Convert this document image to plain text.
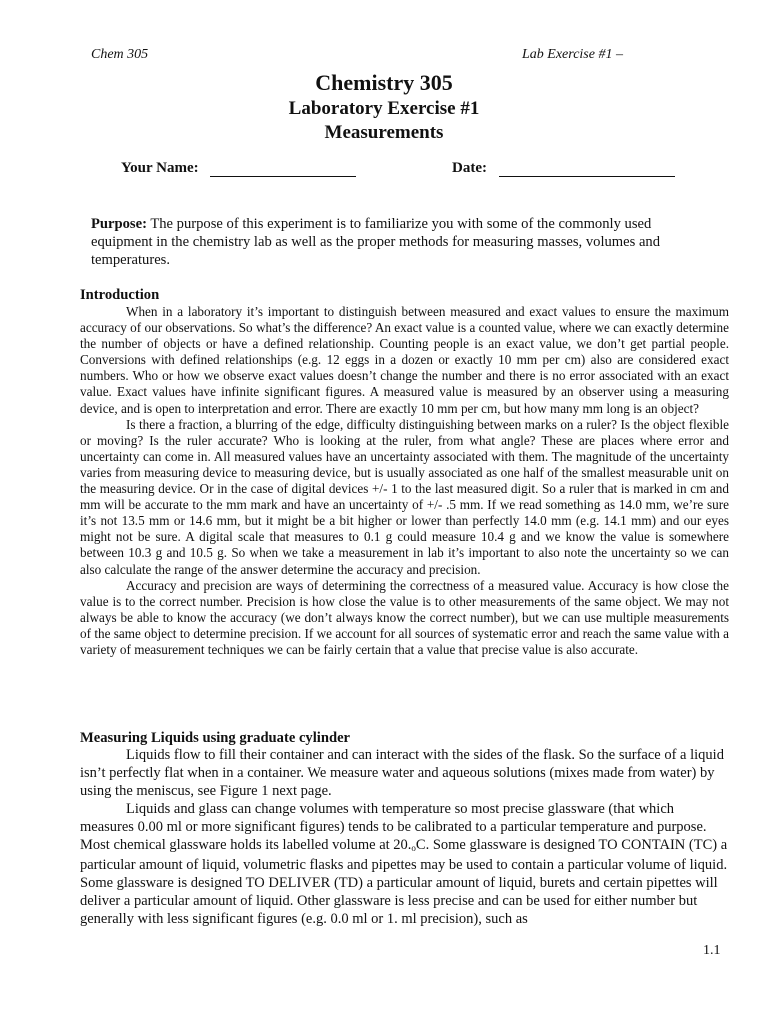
Chem 305	Lab Exercise #1 –
Chemistry 305
Laboratory Exercise #1
Measurements
Your Name:	Date:
Purpose: The purpose of this experiment is to familiarize you with some of the commonly used equipment in the chemistry lab as well as the proper methods for measuring masses, volumes and temperatures.
Introduction

When in a laboratory it’s important to distinguish between measured and exact values to ensure the maximum accuracy of our observations. So what’s the difference? An exact value is a counted value, where we can exactly determine the number of objects or have a defined relationship. Counting people is an exact value, we don’t get partial people. Conversions with defined relationships (e.g. 12 eggs in a dozen or exactly 10 mm per cm) also are considered exact numbers. Who or how we observe exact values doesn’t change the number and there is no error associated with an exact value. Exact values have infinite significant figures. A measured value is measured by an observer using a measuring device, and is open to interpretation and error. There are exactly 10 mm per cm, but how many mm long is an object?

Is there a fraction, a blurring of the edge, difficulty distinguishing between marks on a ruler? Is the object flexible or moving? Is the ruler accurate? Who is looking at the ruler, from what angle? These are places where error and uncertainty can come in. All measured values have an uncertainty associated with them. The magnitude of the uncertainty varies from measuring device to measuring device, but is usually associated as one half of the smallest measurable unit on the measuring device. Or in the case of digital devices +/- 1 to the last measured digit. So a ruler that is marked in cm and mm will be accurate to the mm mark and have an uncertainty of +/- .5 mm. If we read something as 14.0 mm, we’re sure it’s not 13.5 mm or 14.6 mm, but it might be a bit higher or lower than perfectly 14.0 mm (e.g. 14.1 mm) and our eyes might not be sure. A digital scale that measures to 0.1 g could measure 10.4 g and we know the value is somewhere between 10.3 g and 10.5 g. So when we take a measurement in lab it’s important to also note the uncertainty so we can also calculate the range of the answer determine the accuracy and precision.

Accuracy and precision are ways of determining the correctness of a measured value. Accuracy is how close the value is to the correct number. Precision is how close the value is to other measurements of the same object. We may not always be able to know the accuracy (we don’t always know the correct number), but we can use multiple measurements of the same object to determine precision. If we account for all sources of systematic error and reach the same value with a variety of measurement techniques we can be fairly certain that a value that precise value is also accurate.

Measuring Liquids using graduate cylinder

Liquids flow to fill their container and can interact with the sides of the flask. So the surface of a liquid isn’t perfectly flat when in a container. We measure water and aqueous solutions (mixes made from water) by using the meniscus, see Figure 1 next page.

Liquids and glass can change volumes with temperature so most precise glassware (that which measures 0.00 ml or more significant figures) tends to be calibrated to a particular temperature and purpose. Most chemical glassware holds its labelled volume at $20._oC$. Some glassware is designed TO CONTAIN (TC) a particular amount of liquid, volumetric flasks and pipettes may be used to contain a particular volume of liquid. Some glassware is designed TO DELIVER (TD) a particular amount of liquid, burets and certain pipettes will deliver a particular amount of liquid. Other glassware is less precise and can be used for either number but generally with less significant figures (e.g. 0.0 ml or 1. ml precision), such as

1.1
